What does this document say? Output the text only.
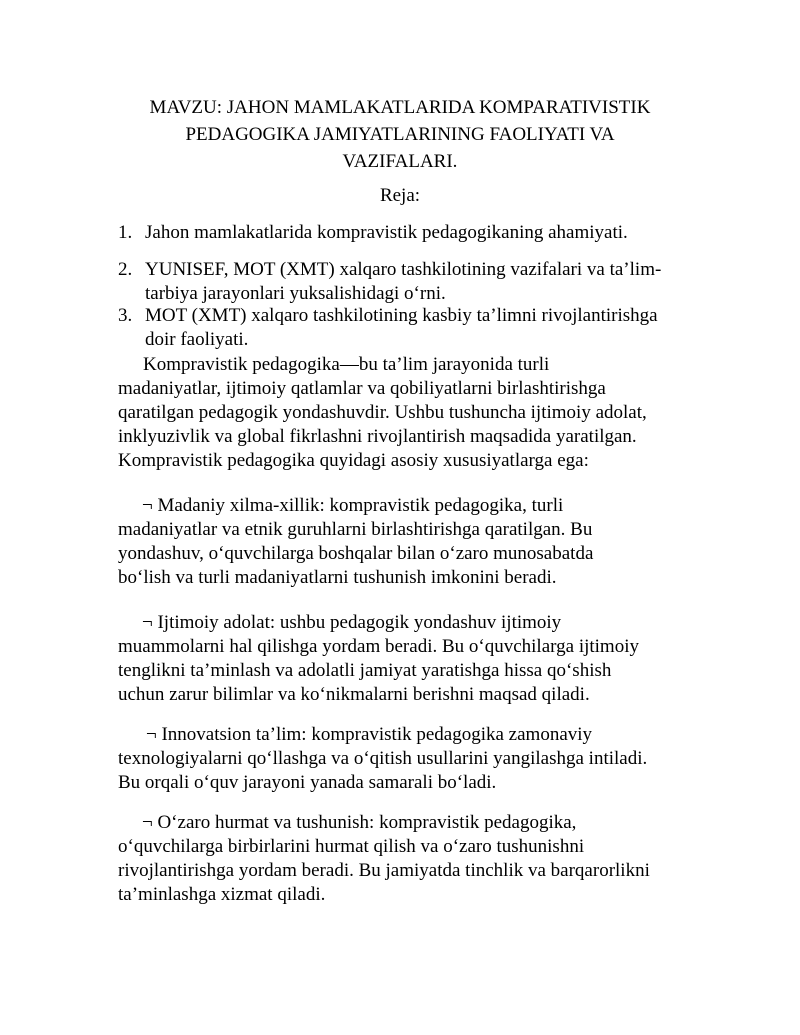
MAVZU: JAHON MAMLAKATLARIDA KOMPARATIVISTIK
PEDAGOGIKA JAMIYATLARINING FAOLIYATI VA
VAZIFALARI.
Reja:
1. Jahon mamlakatlarida kompravistik pedagogikaning ahamiyati.
2. YUNISEF, MOT (XMT) xalqaro tashkilotining vazifalari va ta’lim-
tarbiya jarayonlari yuksalishidagi o‘rni.
3. MOT (XMT) xalqaro tashkilotining kasbiy ta’limni rivojlantirishga
doir faoliyati.
Kompravistik pedagogika—bu ta’lim jarayonida turli
madaniyatlar, ijtimoiy qatlamlar va qobiliyatlarni birlashtirishga
qaratilgan pedagogik yondashuvdir. Ushbu tushuncha ijtimoiy adolat,
inklyuzivlik va global fikrlashni rivojlantirish maqsadida yaratilgan.
Kompravistik pedagogika quyidagi asosiy xususiyatlarga ega:
¬ Madaniy xilma-xillik: kompravistik pedagogika, turli
madaniyatlar va etnik guruhlarni birlashtirishga qaratilgan. Bu
yondashuv, o‘quvchilarga boshqalar bilan o‘zaro munosabatda
bo‘lish va turli madaniyatlarni tushunish imkonini beradi.
¬ Ijtimoiy adolat: ushbu pedagogik yondashuv ijtimoiy
muammolarni hal qilishga yordam beradi. Bu o‘quvchilarga ijtimoiy
tenglikni ta’minlash va adolatli jamiyat yaratishga hissa qo‘shish
uchun zarur bilimlar va ko‘nikmalarni berishni maqsad qiladi.
¬ Innovatsion ta’lim: kompravistik pedagogika zamonaviy
texnologiyalarni qo‘llashga va o‘qitish usullarini yangilashga intiladi.
Bu orqali o‘quv jarayoni yanada samarali bo‘ladi.
¬ O‘zaro hurmat va tushunish: kompravistik pedagogika,
o‘quvchilarga birbirlarini hurmat qilish va o‘zaro tushunishni
rivojlantirishga yordam beradi. Bu jamiyatda tinchlik va barqarorlikni
ta’minlashga xizmat qiladi.
